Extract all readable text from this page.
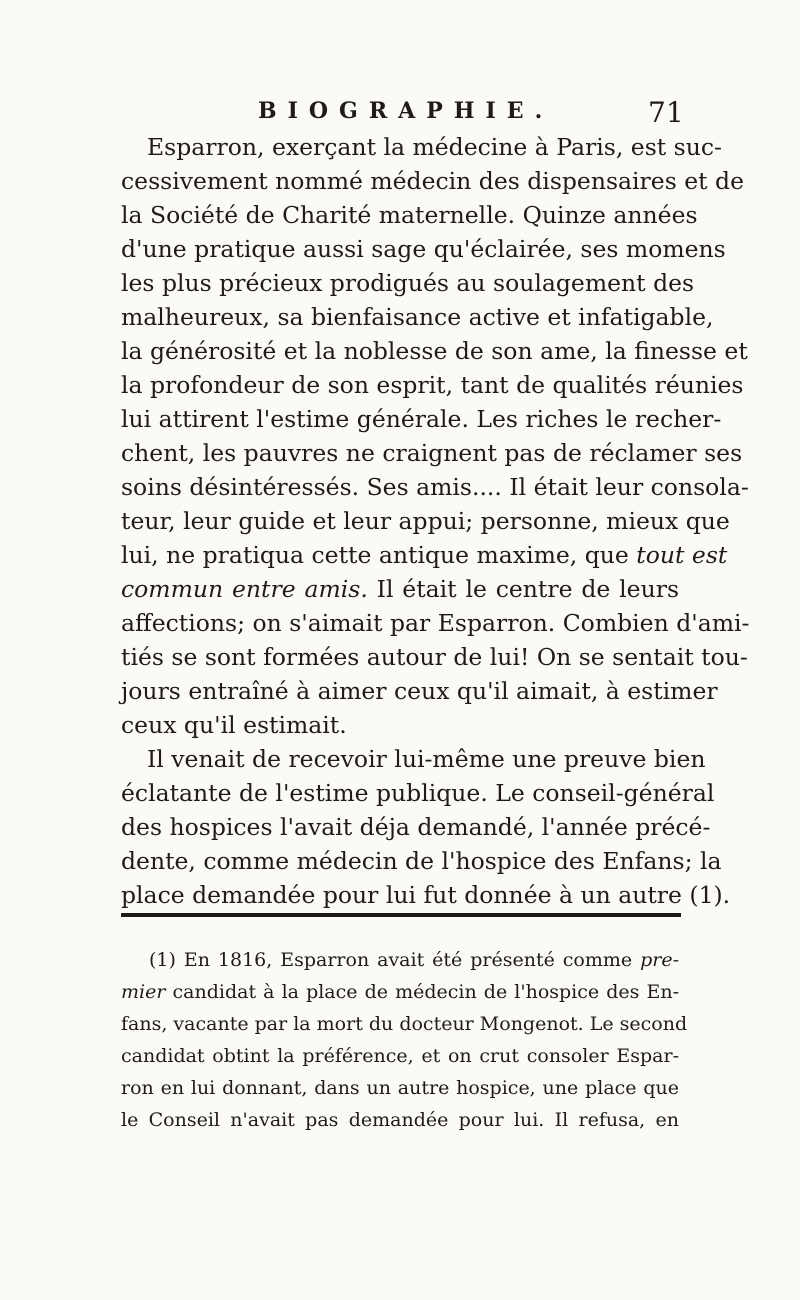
BIOGRAPHIE.	71
Esparron, exerçant la médecine à Paris, est suc-
cessivement nommé médecin des dispensaires et de
la Société de Charité maternelle. Quinze années
d'une pratique aussi sage qu'éclairée, ses momens
les plus précieux prodigués au soulagement des
malheureux, sa bienfaisance active et infatigable,
la générosité et la noblesse de son ame, la finesse et
la profondeur de son esprit, tant de qualités réunies
lui attirent l'estime générale. Les riches le recher-
chent, les pauvres ne craignent pas de réclamer ses
soins désintéressés. Ses amis.... Il était leur consola-
teur, leur guide et leur appui; personne, mieux que
lui, ne pratiqua cette antique maxime, que tout est
commun entre amis. Il était le centre de leurs
affections; on s'aimait par Esparron. Combien d'ami-
tiés se sont formées autour de lui! On se sentait tou-
jours entraîné à aimer ceux qu'il aimait, à estimer
ceux qu'il estimait.
Il venait de recevoir lui-même une preuve bien
éclatante de l'estime publique. Le conseil-général
des hospices l'avait déja demandé, l'année précé-
dente, comme médecin de l'hospice des Enfans; la
place demandée pour lui fut donnée à un autre (1).
(1) En 1816, Esparron avait été présenté comme pre-
mier candidat à la place de médecin de l'hospice des En-
fans, vacante par la mort du docteur Mongenot. Le second
candidat obtint la préférence, et on crut consoler Espar-
ron en lui donnant, dans un autre hospice, une place que
le Conseil n'avait pas demandée pour lui. Il refusa, en
